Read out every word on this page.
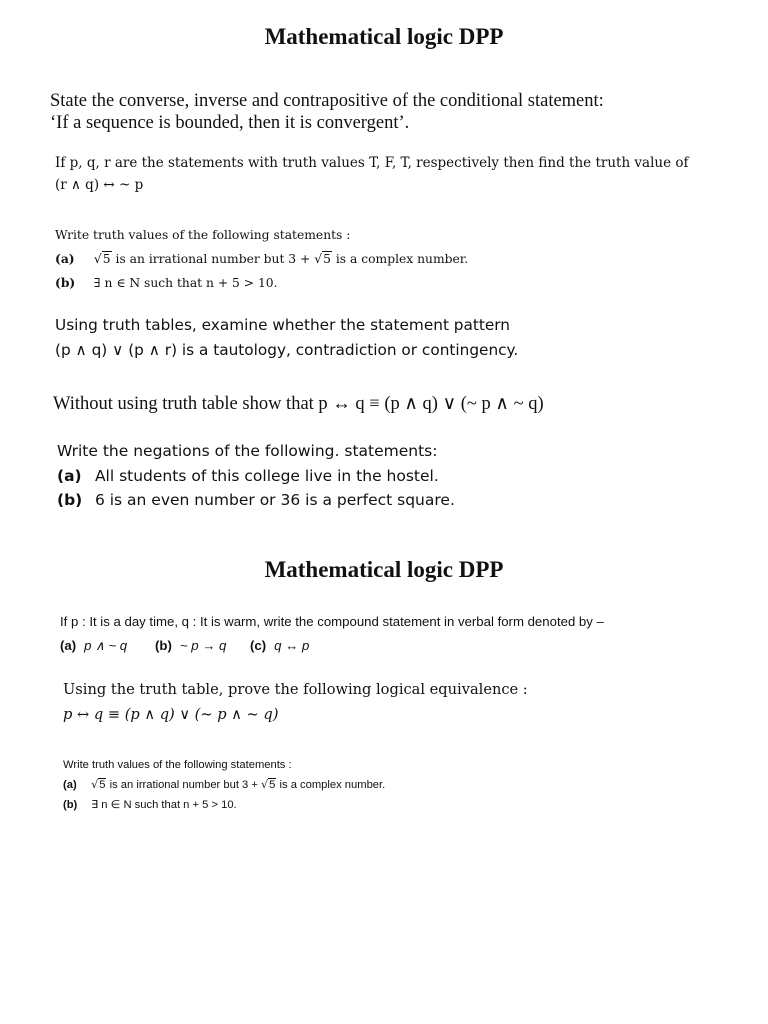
Mathematical logic DPP
State the converse, inverse and contrapositive of the conditional statement:
‘If a sequence is bounded, then it is convergent’.
If p, q, r are the statements with truth values T, F, T, respectively then find the truth value of
(r ∧ q) ↔ ~ p
Write truth values of the following statements :
(a) √5 is an irrational number but 3 + √5 is a complex number.
(b) ∃ n ∈ N such that n + 5 > 10.
Using truth tables, examine whether the statement pattern
(p ∧ q) ∨ (p ∧ r) is a tautology, contradiction or contingency.
Without using truth table show that p ↔ q ≡ (p ∧ q) ∨ (~ p ∧ ~ q)
Write the negations of the following. statements:
(a) All students of this college live in the hostel.
(b) 6 is an even number or 36 is a perfect square.
Mathematical logic DPP
If p : It is a day time, q : It is warm, write the compound statement in verbal form denoted by –
(a) p ∧ ~ q (b) ~ p → q (c) q ↔ p
Using the truth table, prove the following logical equivalence :
p ↔ q ≡ (p ∧ q) ∨ (~ p ∧ ~ q)
Write truth values of the following statements :
(a) √5 is an irrational number but 3 + √5 is a complex number.
(b) ∃ n ∈ N such that n + 5 > 10.
